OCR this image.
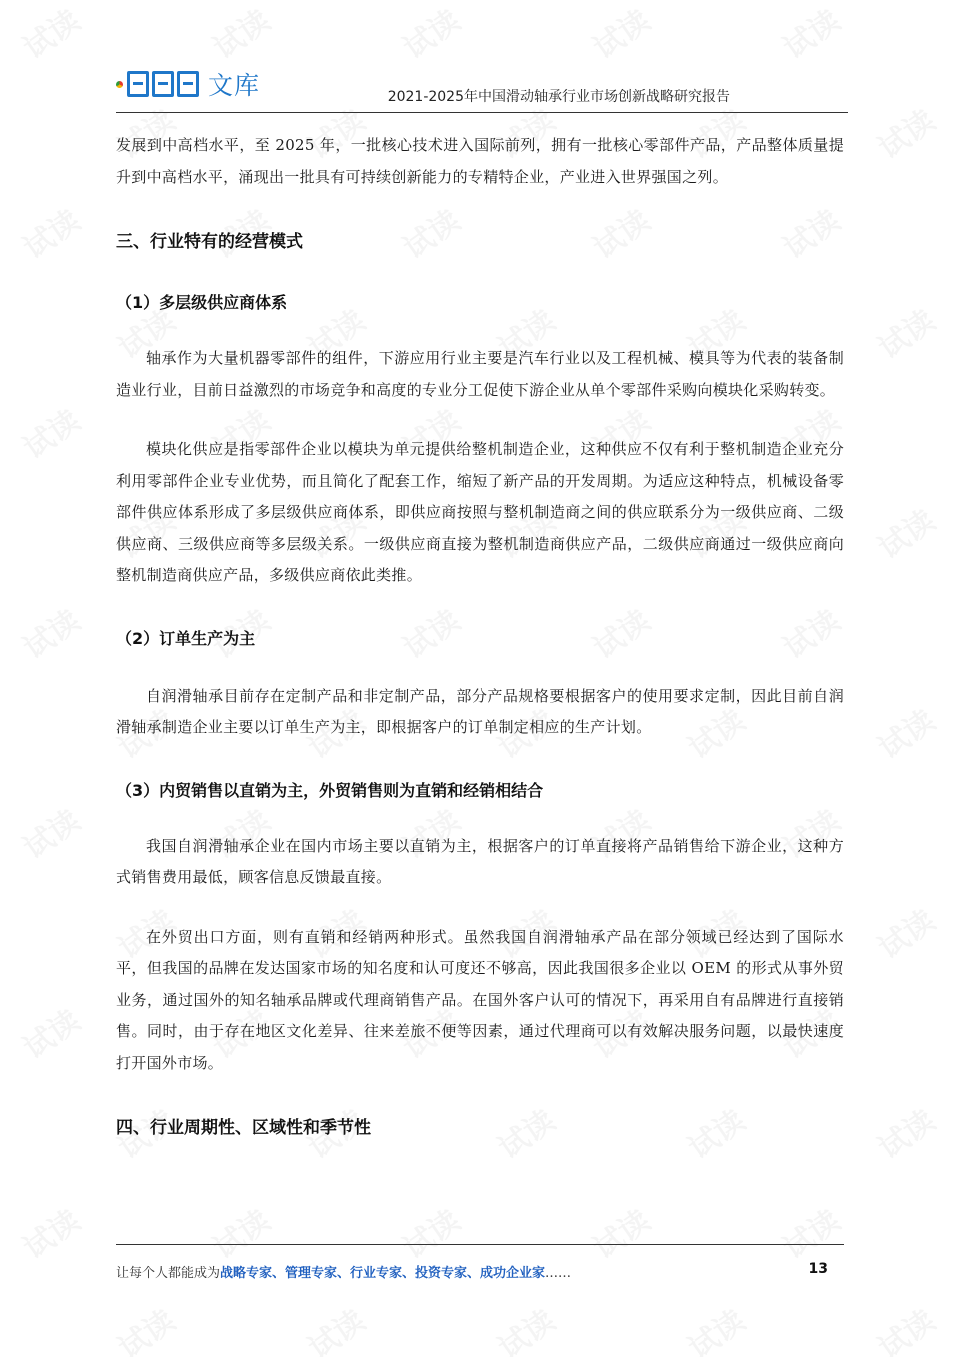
文库	2021-2025年中国滑动轴承行业市场创新战略研究报告

发展到中高档水平，至 2025 年，一批核心技术进入国际前列，拥有一批核心零部件产品，产品整体质量提升到中高档水平，涌现出一批具有可持续创新能力的专精特企业，产业进入世界强国之列。

三、行业特有的经营模式
（1）多层级供应商体系

轴承作为大量机器零部件的组件，下游应用行业主要是汽车行业以及工程机械、模具等为代表的装备制造业行业，目前日益激烈的市场竞争和高度的专业分工促使下游企业从单个零部件采购向模块化采购转变。

模块化供应是指零部件企业以模块为单元提供给整机制造企业，这种供应不仅有利于整机制造企业充分利用零部件企业专业优势，而且简化了配套工作，缩短了新产品的开发周期。为适应这种特点，机械设备零部件供应体系形成了多层级供应商体系，即供应商按照与整机制造商之间的供应联系分为一级供应商、二级供应商、三级供应商等多层级关系。一级供应商直接为整机制造商供应产品，二级供应商通过一级供应商向整机制造商供应产品，多级供应商依此类推。

（2）订单生产为主

自润滑轴承目前存在定制产品和非定制产品，部分产品规格要根据客户的使用要求定制，因此目前自润滑轴承制造企业主要以订单生产为主，即根据客户的订单制定相应的生产计划。

（3）内贸销售以直销为主，外贸销售则为直销和经销相结合

我国自润滑轴承企业在国内市场主要以直销为主，根据客户的订单直接将产品销售给下游企业，这种方式销售费用最低，顾客信息反馈最直接。

在外贸出口方面，则有直销和经销两种形式。虽然我国自润滑轴承产品在部分领域已经达到了国际水平，但我国的品牌在发达国家市场的知名度和认可度还不够高，因此我国很多企业以 OEM 的形式从事外贸业务，通过国外的知名轴承品牌或代理商销售产品。在国外客户认可的情况下，再采用自有品牌进行直接销售。同时，由于存在地区文化差异、往来差旅不便等因素，通过代理商可以有效解决服务问题，以最快速度打开国外市场。

四、行业周期性、区域性和季节性
让每个人都能成为战略专家、管理专家、行业专家、投资专家、成功企业家……	13
